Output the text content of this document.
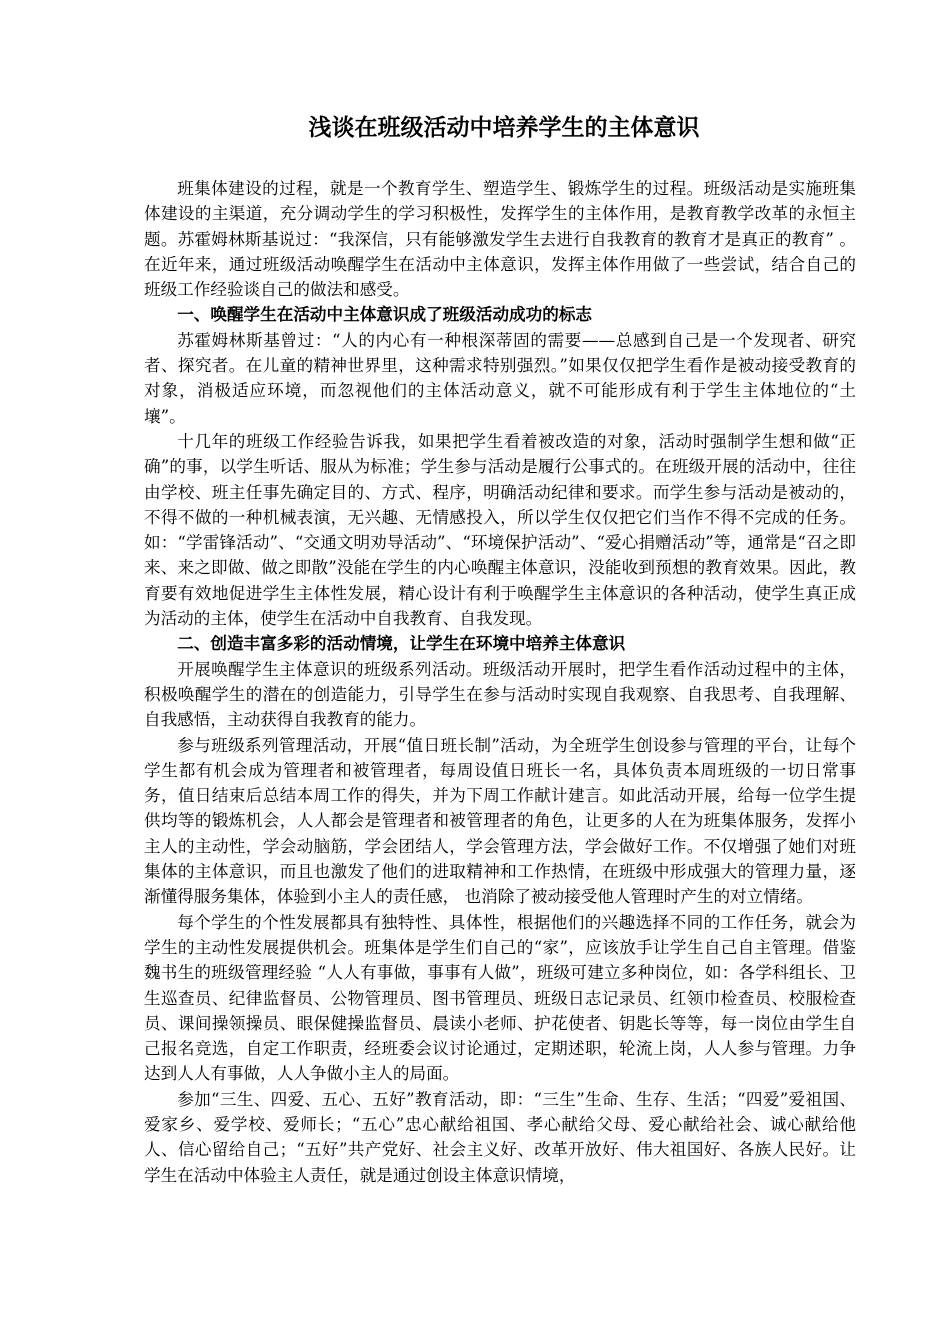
浅谈在班级活动中培养学生的主体意识

班集体建设的过程，就是一个教育学生、塑造学生、锻炼学生的过程。班级活动是实施班集体建设的主渠道，充分调动学生的学习积极性，发挥学生的主体作用，是教育教学改革的永恒主题。苏霍姆林斯基说过：“我深信，只有能够激发学生去进行自我教育的教育才是真正的教育” 。在近年来，通过班级活动唤醒学生在活动中主体意识，发挥主体作用做了一些尝试，结合自己的班级工作经验谈自己的做法和感受。

一、唤醒学生在活动中主体意识成了班级活动成功的标志

苏霍姆林斯基曾过：“人的内心有一种根深蒂固的需要——总感到自己是一个发现者、研究者、探究者。在儿童的精神世界里，这种需求特别强烈。”如果仅仅把学生看作是被动接受教育的对象，消极适应环境，而忽视他们的主体活动意义，就不可能形成有利于学生主体地位的“土壤”。

十几年的班级工作经验告诉我，如果把学生看着被改造的对象，活动时强制学生想和做“正确”的事，以学生听话、服从为标准；学生参与活动是履行公事式的。在班级开展的活动中，往往由学校、班主任事先确定目的、方式、程序，明确活动纪律和要求。而学生参与活动是被动的，不得不做的一种机械表演，无兴趣、无情感投入，所以学生仅仅把它们当作不得不完成的任务。如：“学雷锋活动”、“交通文明劝导活动”、“环境保护活动”、“爱心捐赠活动”等，通常是“召之即来、来之即做、做之即散”没能在学生的内心唤醒主体意识，没能收到预想的教育效果。因此，教育要有效地促进学生主体性发展，精心设计有利于唤醒学生主体意识的各种活动，使学生真正成为活动的主体，使学生在活动中自我教育、自我发现。

二、创造丰富多彩的活动情境，让学生在环境中培养主体意识

开展唤醒学生主体意识的班级系列活动。班级活动开展时，把学生看作活动过程中的主体，积极唤醒学生的潜在的创造能力，引导学生在参与活动时实现自我观察、自我思考、自我理解、自我感悟，主动获得自我教育的能力。

参与班级系列管理活动，开展“值日班长制”活动，为全班学生创设参与管理的平台，让每个学生都有机会成为管理者和被管理者，每周设值日班长一名，具体负责本周班级的一切日常事务，值日结束后总结本周工作的得失，并为下周工作献计建言。如此活动开展，给每一位学生提供均等的锻炼机会，人人都会是管理者和被管理者的角色，让更多的人在为班集体服务，发挥小主人的主动性，学会动脑筋，学会团结人，学会管理方法，学会做好工作。不仅增强了她们对班集体的主体意识，而且也激发了他们的进取精神和工作热情，在班级中形成强大的管理力量，逐渐懂得服务集体，体验到小主人的责任感， 也消除了被动接受他人管理时产生的对立情绪。

每个学生的个性发展都具有独特性、具体性，根据他们的兴趣选择不同的工作任务，就会为学生的主动性发展提供机会。班集体是学生们自己的“家”，应该放手让学生自己自主管理。借鉴魏书生的班级管理经验 “人人有事做，事事有人做”，班级可建立多种岗位，如：各学科组长、卫生巡查员、纪律监督员、公物管理员、图书管理员、班级日志记录员、红领巾检查员、校服检查员、课间操领操员、眼保健操监督员、晨读小老师、护花使者、钥匙长等等，每一岗位由学生自己报名竞选，自定工作职责，经班委会议讨论通过，定期述职，轮流上岗，人人参与管理。力争达到人人有事做，人人争做小主人的局面。

参加“三生、四爱、五心、五好”教育活动，即：“三生”生命、生存、生活；“四爱”爱祖国、爱家乡、爱学校、爱师长；“五心”忠心献给祖国、孝心献给父母、爱心献给社会、诚心献给他人、信心留给自己；“五好”共产党好、社会主义好、改革开放好、伟大祖国好、各族人民好。让学生在活动中体验主人责任，就是通过创设主体意识情境，
